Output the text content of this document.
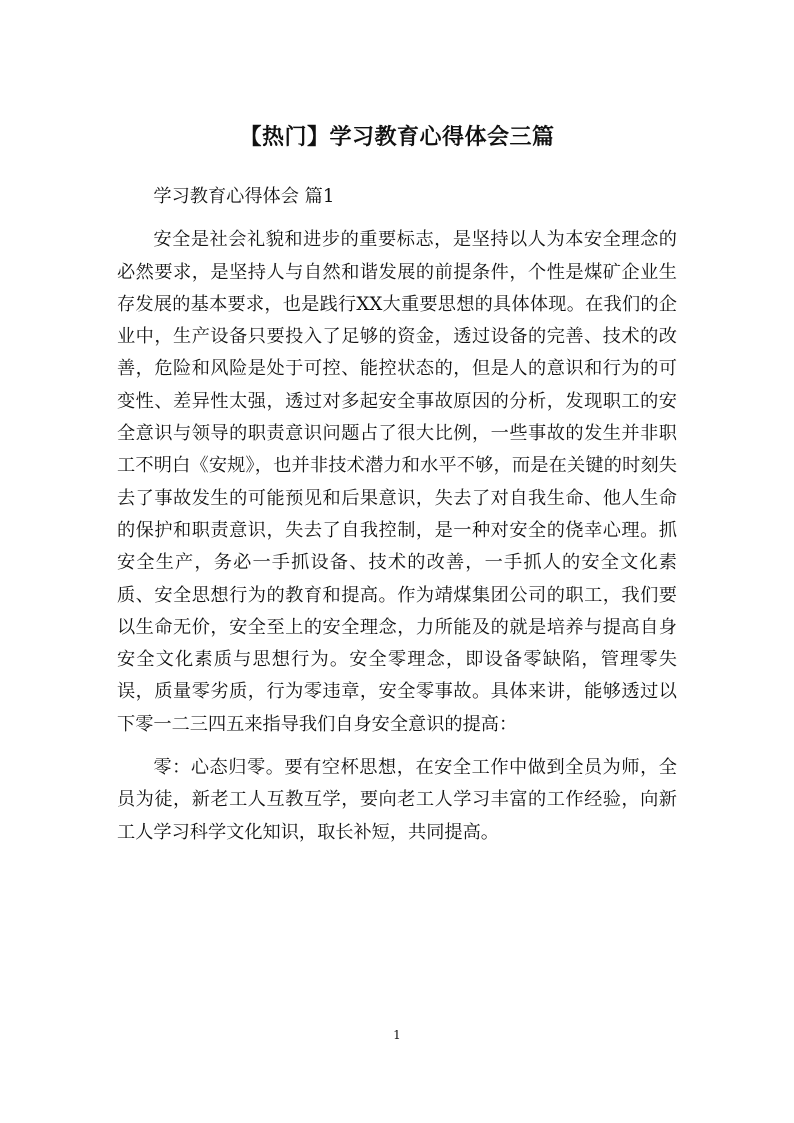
【热门】学习教育心得体会三篇

学习教育心得体会 篇1

安全是社会礼貌和进步的重要标志，是坚持以人为本安全理念的必然要求，是坚持人与自然和谐发展的前提条件，个性是煤矿企业生存发展的基本要求，也是践行XX大重要思想的具体体现。在我们的企业中，生产设备只要投入了足够的资金，透过设备的完善、技术的改善，危险和风险是处于可控、能控状态的，但是人的意识和行为的可变性、差异性太强，透过对多起安全事故原因的分析，发现职工的安全意识与领导的职责意识问题占了很大比例，一些事故的发生并非职工不明白《安规》，也并非技术潜力和水平不够，而是在关键的时刻失去了事故发生的可能预见和后果意识，失去了对自我生命、他人生命的保护和职责意识，失去了自我控制，是一种对安全的侥幸心理。抓安全生产，务必一手抓设备、技术的改善，一手抓人的安全文化素质、安全思想行为的教育和提高。作为靖煤集团公司的职工，我们要以生命无价，安全至上的安全理念，力所能及的就是培养与提高自身安全文化素质与思想行为。安全零理念，即设备零缺陷，管理零失误，质量零劣质，行为零违章，安全零事故。具体来讲，能够透过以下零一二三四五来指导我们自身安全意识的提高：

零：心态归零。要有空杯思想，在安全工作中做到全员为师，全员为徒，新老工人互教互学，要向老工人学习丰富的工作经验，向新工人学习科学文化知识，取长补短，共同提高。

1
